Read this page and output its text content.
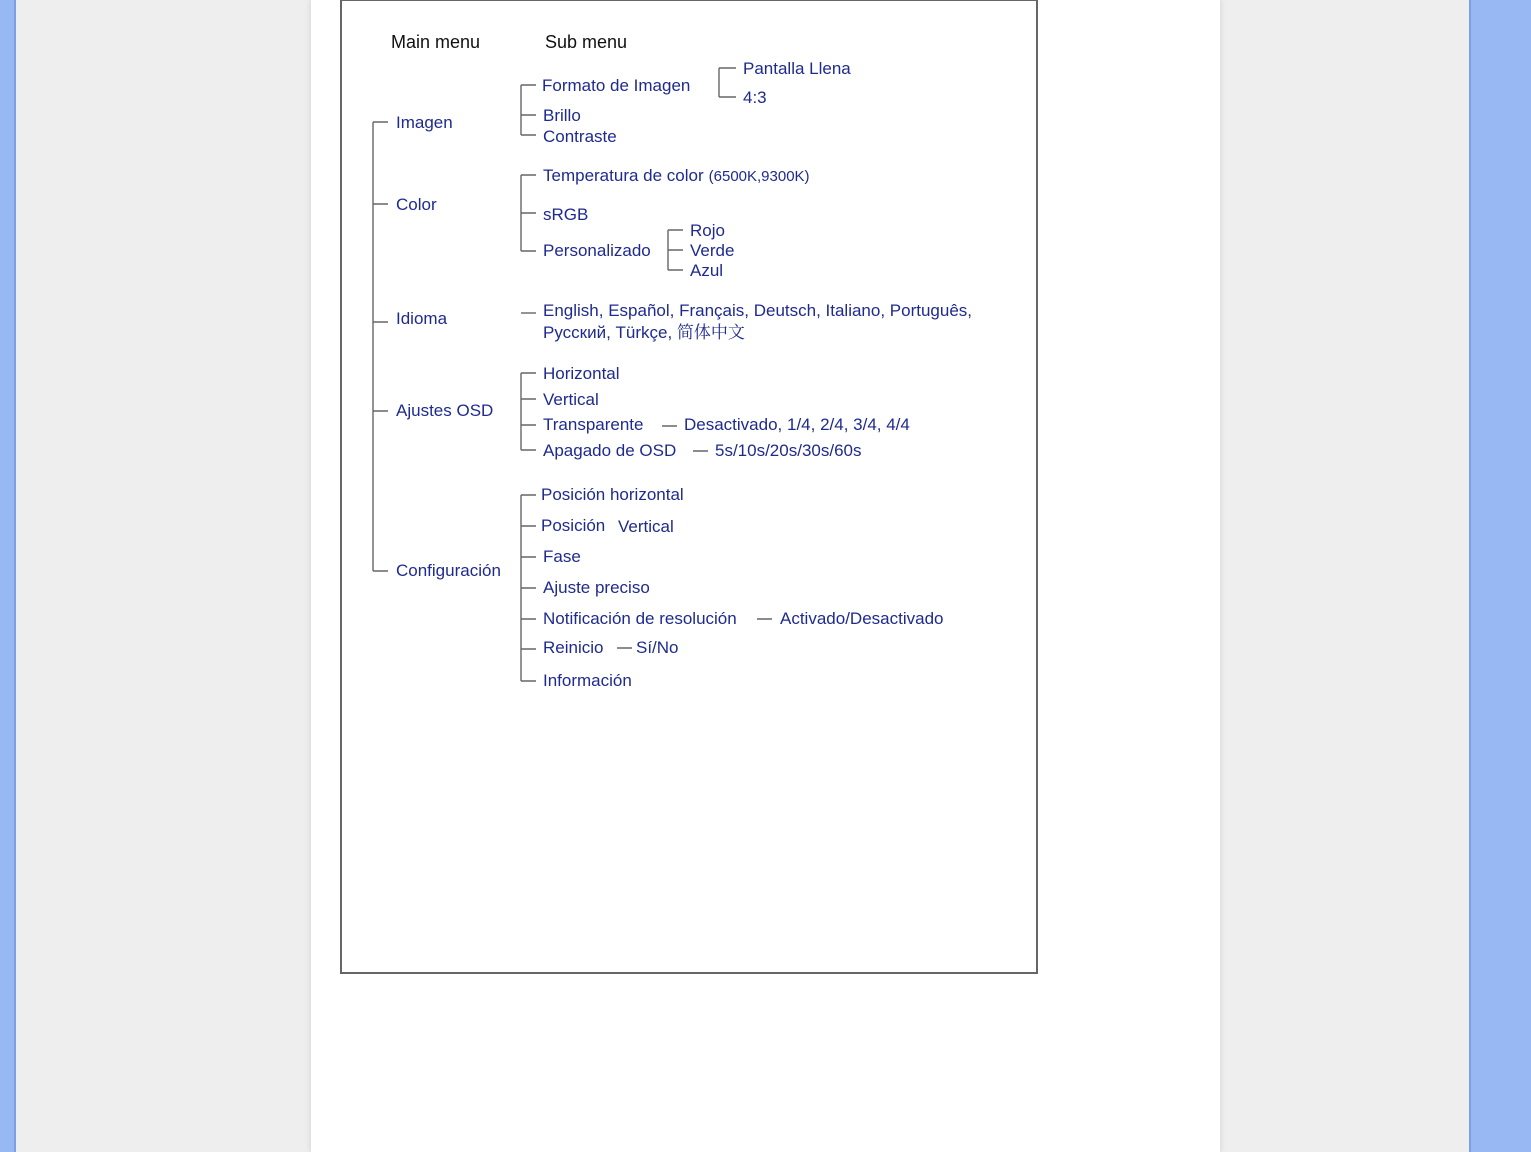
Main menu	Sub menu
Imagen
Formato de Imagen
Pantalla Llena
4:3
Brillo
Contraste
Color
Temperatura de color (6500K,9300K)
sRGB
Personalizado
Rojo
Verde
Azul
Idioma	English, Español, Français, Deutsch, Italiano, Português,
Русский, Türkçe, 简体中文
Ajustes OSD
Horizontal
Vertical
Transparente Desactivado, 1/4, 2/4, 3/4, 4/4
Apagado de OSD 5s/10s/20s/30s/60s
Configuración
Posición horizontal
Posición Vertical
Fase
Ajuste preciso
Notificación de resolución	Activado/Desactivado
Reinicio Sí/No
Información
